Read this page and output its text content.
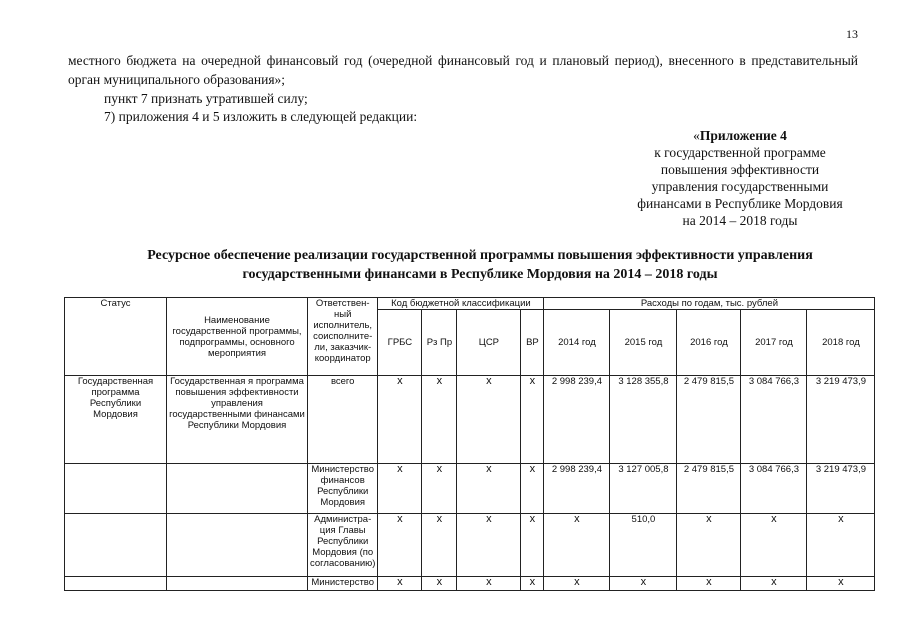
13

местного бюджета на очередной финансовый год (очередной финансовый год и плановый период), внесенного в представительный орган муниципального образования»;

пункт 7 признать утратившей силу;

7) приложения 4 и 5 изложить в следующей редакции:

«Приложение 4
к государственной программе
повышения эффективности
управления государственными
финансами в Республике Мордовия
на 2014 – 2018 годы
Ресурсное обеспечение реализации государственной программы повышения эффективности управления
государственными финансами в Республике Мордовия на 2014 – 2018 годы
Статус	Наименование государственной программы, подпрограммы, основного мероприятия	Ответствен-ный исполнитель, соисполните-ли, заказчик-координатор	Код бюджетной классификации				Расходы по годам, тыс. рублей				
			ГРБС	Рз Пр	ЦСР	ВР	2014 год	2015 год	2016 год	2017 год	2018 год
Государственная программа Республики Мордовия	Государственная я программа повышения эффективности управления государственными финансами Республики Мордовия	всего	x	x	x	x	2 998 239,4	3 128 355,8	2 479 815,5	3 084 766,3	3 219 473,9
		Министерство финансов Республики Мордовия	x	x	x	x	2 998 239,4	3 127 005,8	2 479 815,5	3 084 766,3	3 219 473,9
		Администра-ция Главы Республики Мордовия (по согласованию)	x	x	x	x	x	510,0	x	x	x
		Министерство	x	x	x	x	x	x	x	x	x
